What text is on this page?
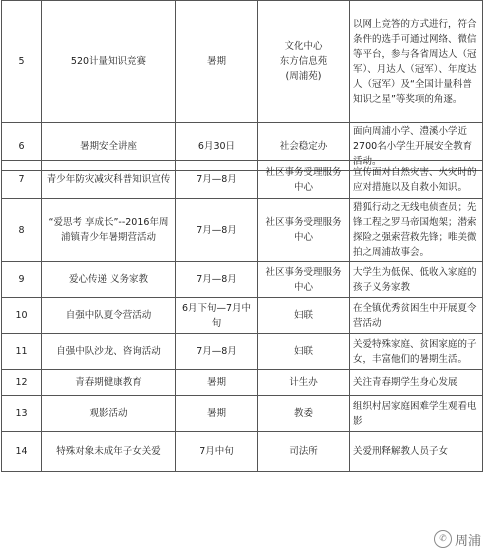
5	520计量知识竞赛	暑期	文化中心
东方信息苑
(周浦苑)	以网上竞答的方式进行，符合条件的选手可通过网络、微信等平台，参与各省周达人（冠军）、月达人（冠军）、年度达人（冠军）及“全国计量科普知识之星”等奖项的角逐。
6	暑期安全讲座	6月30日	社会稳定办	面向周浦小学、澧溪小学近2700名小学生开展安全教育活动。
7	青少年防灾减灾科普知识宣传	7月—8月	社区事务受理服务中心	宣传面对自然灾害、火灾时的应对措施以及自救小知识。
8	“爱思考 享成长”--2016年周浦镇青少年暑期营活动	7月—8月	社区事务受理服务中心	猎狐行动之无线电侦查员；先锋工程之罗马帝国炮架；潜索探险之强索营救先锋；唯美微拍之周浦故事会。
9	爱心传递 义务家教	7月—8月	社区事务受理服务中心	大学生为低保、低收入家庭的孩子义务家教
10	自强中队夏令营活动	6月下旬—7月中旬	妇联	在全镇优秀贫困生中开展夏令营活动
11	自强中队沙龙、咨询活动	7月—8月	妇联	关爱特殊家庭、贫困家庭的子女，丰富他们的暑期生活。
12	青春期健康教育	暑期	计生办	关注青春期学生身心发展
13	观影活动	暑期	教委	组织村居家庭困难学生观看电影
14	特殊对象未成年子女关爱	7月中旬	司法所	关爱刑释解教人员子女
✆ 周浦
